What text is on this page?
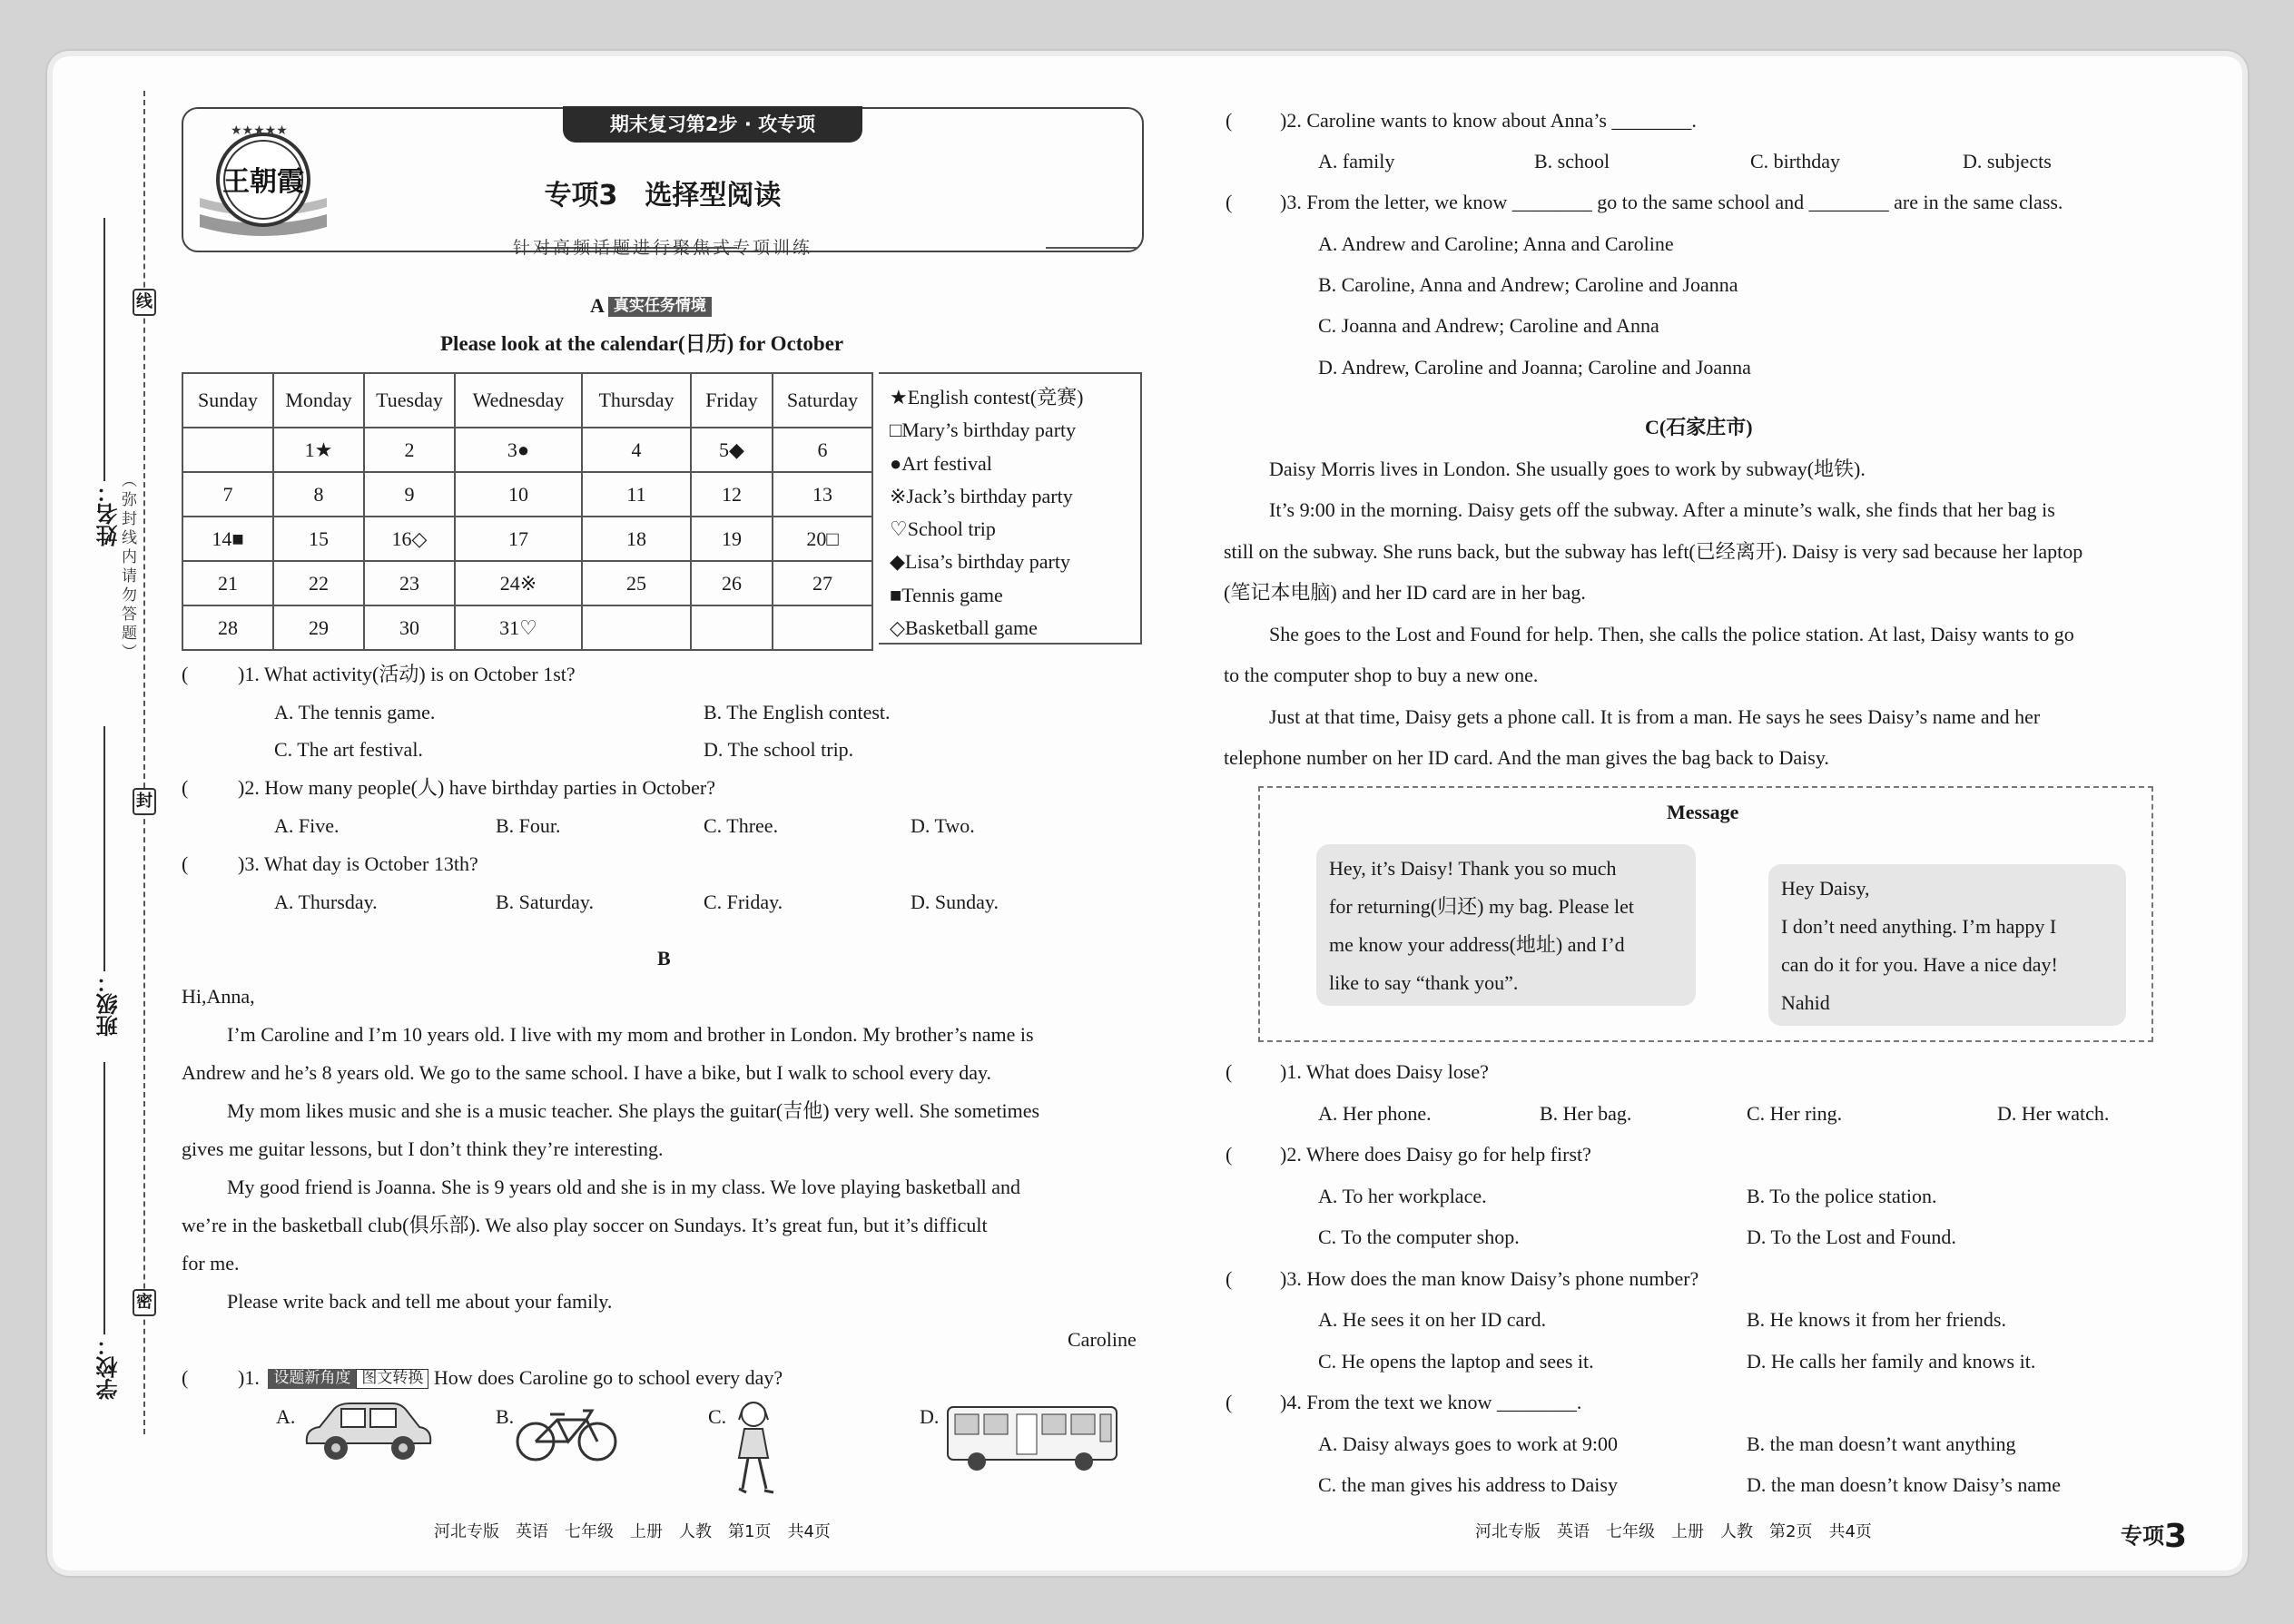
线
封
密
姓名：
班级：
学校：
（弥封线内请勿答题）
★★★★★
王朝霞
期末复习第2步 · 攻专项
专项3　选择型阅读
针对高频话题进行聚焦式专项训练
A 真实任务情境
Please look at the calendar(日历) for October
Sunday	Monday	Tuesday	Wednesday	Thursday	Friday	Saturday
	1★	2	3●	4	5◆	6
7	8	9	10	11	12	13
14■	15	16◇	17	18	19	20□
21	22	23	24※	25	26	27
28	29	30	31♡			
★English contest(竞赛)
□Mary’s birthday party
●Art festival
※Jack’s birthday party
♡School trip
◆Lisa’s birthday party
■Tennis game
◇Basketball game
( )1. What activity(活动) is on October 1st?
A. The tennis game.	B. The English contest.
C. The art festival.	D. The school trip.
( )2. How many people(人) have birthday parties in October?
A. Five.	B. Four.	C. Three.	D. Two.
( )3. What day is October 13th?
A. Thursday.	B. Saturday.	C. Friday.	D. Sunday.
B
Hi,Anna,
I’m Caroline and I’m 10 years old. I live with my mom and brother in London. My brother’s name is
Andrew and he’s 8 years old. We go to the same school. I have a bike, but I walk to school every day.
My mom likes music and she is a music teacher. She plays the guitar(吉他) very well. She sometimes
gives me guitar lessons, but I don’t think they’re interesting.
My good friend is Joanna. She is 9 years old and she is in my class. We love playing basketball and
we’re in the basketball club(俱乐部). We also play soccer on Sundays. It’s great fun, but it’s difficult
for me.
Please write back and tell me about your family.
Caroline
( )1. 设题新角度 图文转换 How does Caroline go to school every day?
A.	B.	C.	D.
( )2. Caroline wants to know about Anna’s ________.
A. family	B. school	C. birthday	D. subjects
( )3. From the letter, we know ________ go to the same school and ________ are in the same class.
A. Andrew and Caroline; Anna and Caroline
B. Caroline, Anna and Andrew; Caroline and Joanna
C. Joanna and Andrew; Caroline and Anna
D. Andrew, Caroline and Joanna; Caroline and Joanna
C(石家庄市)
Daisy Morris lives in London. She usually goes to work by subway(地铁).
It’s 9:00 in the morning. Daisy gets off the subway. After a minute’s walk, she finds that her bag is
still on the subway. She runs back, but the subway has left(已经离开). Daisy is very sad because her laptop
(笔记本电脑) and her ID card are in her bag.
She goes to the Lost and Found for help. Then, she calls the police station. At last, Daisy wants to go
to the computer shop to buy a new one.
Just at that time, Daisy gets a phone call. It is from a man. He says he sees Daisy’s name and her
telephone number on her ID card. And the man gives the bag back to Daisy.
Message
Hey, it’s Daisy! Thank you so much
for returning(归还) my bag. Please let
me know your address(地址) and I’d
like to say “thank you”.
Hey Daisy,
I don’t need anything. I’m happy I
can do it for you. Have a nice day!
Nahid
( )1. What does Daisy lose?
A. Her phone.	B. Her bag.	C. Her ring.	D. Her watch.
( )2. Where does Daisy go for help first?
A. To her workplace.	B. To the police station.
C. To the computer shop.	D. To the Lost and Found.
( )3. How does the man know Daisy’s phone number?
A. He sees it on her ID card.	B. He knows it from her friends.
C. He opens the laptop and sees it.	D. He calls her family and knows it.
( )4. From the text we know ________.
A. Daisy always goes to work at 9:00	B. the man doesn’t want anything
C. the man gives his address to Daisy	D. the man doesn’t know Daisy’s name
河北专版　英语　七年级　上册　人教　第1页　共4页	河北专版　英语　七年级　上册　人教　第2页　共4页	专项3
